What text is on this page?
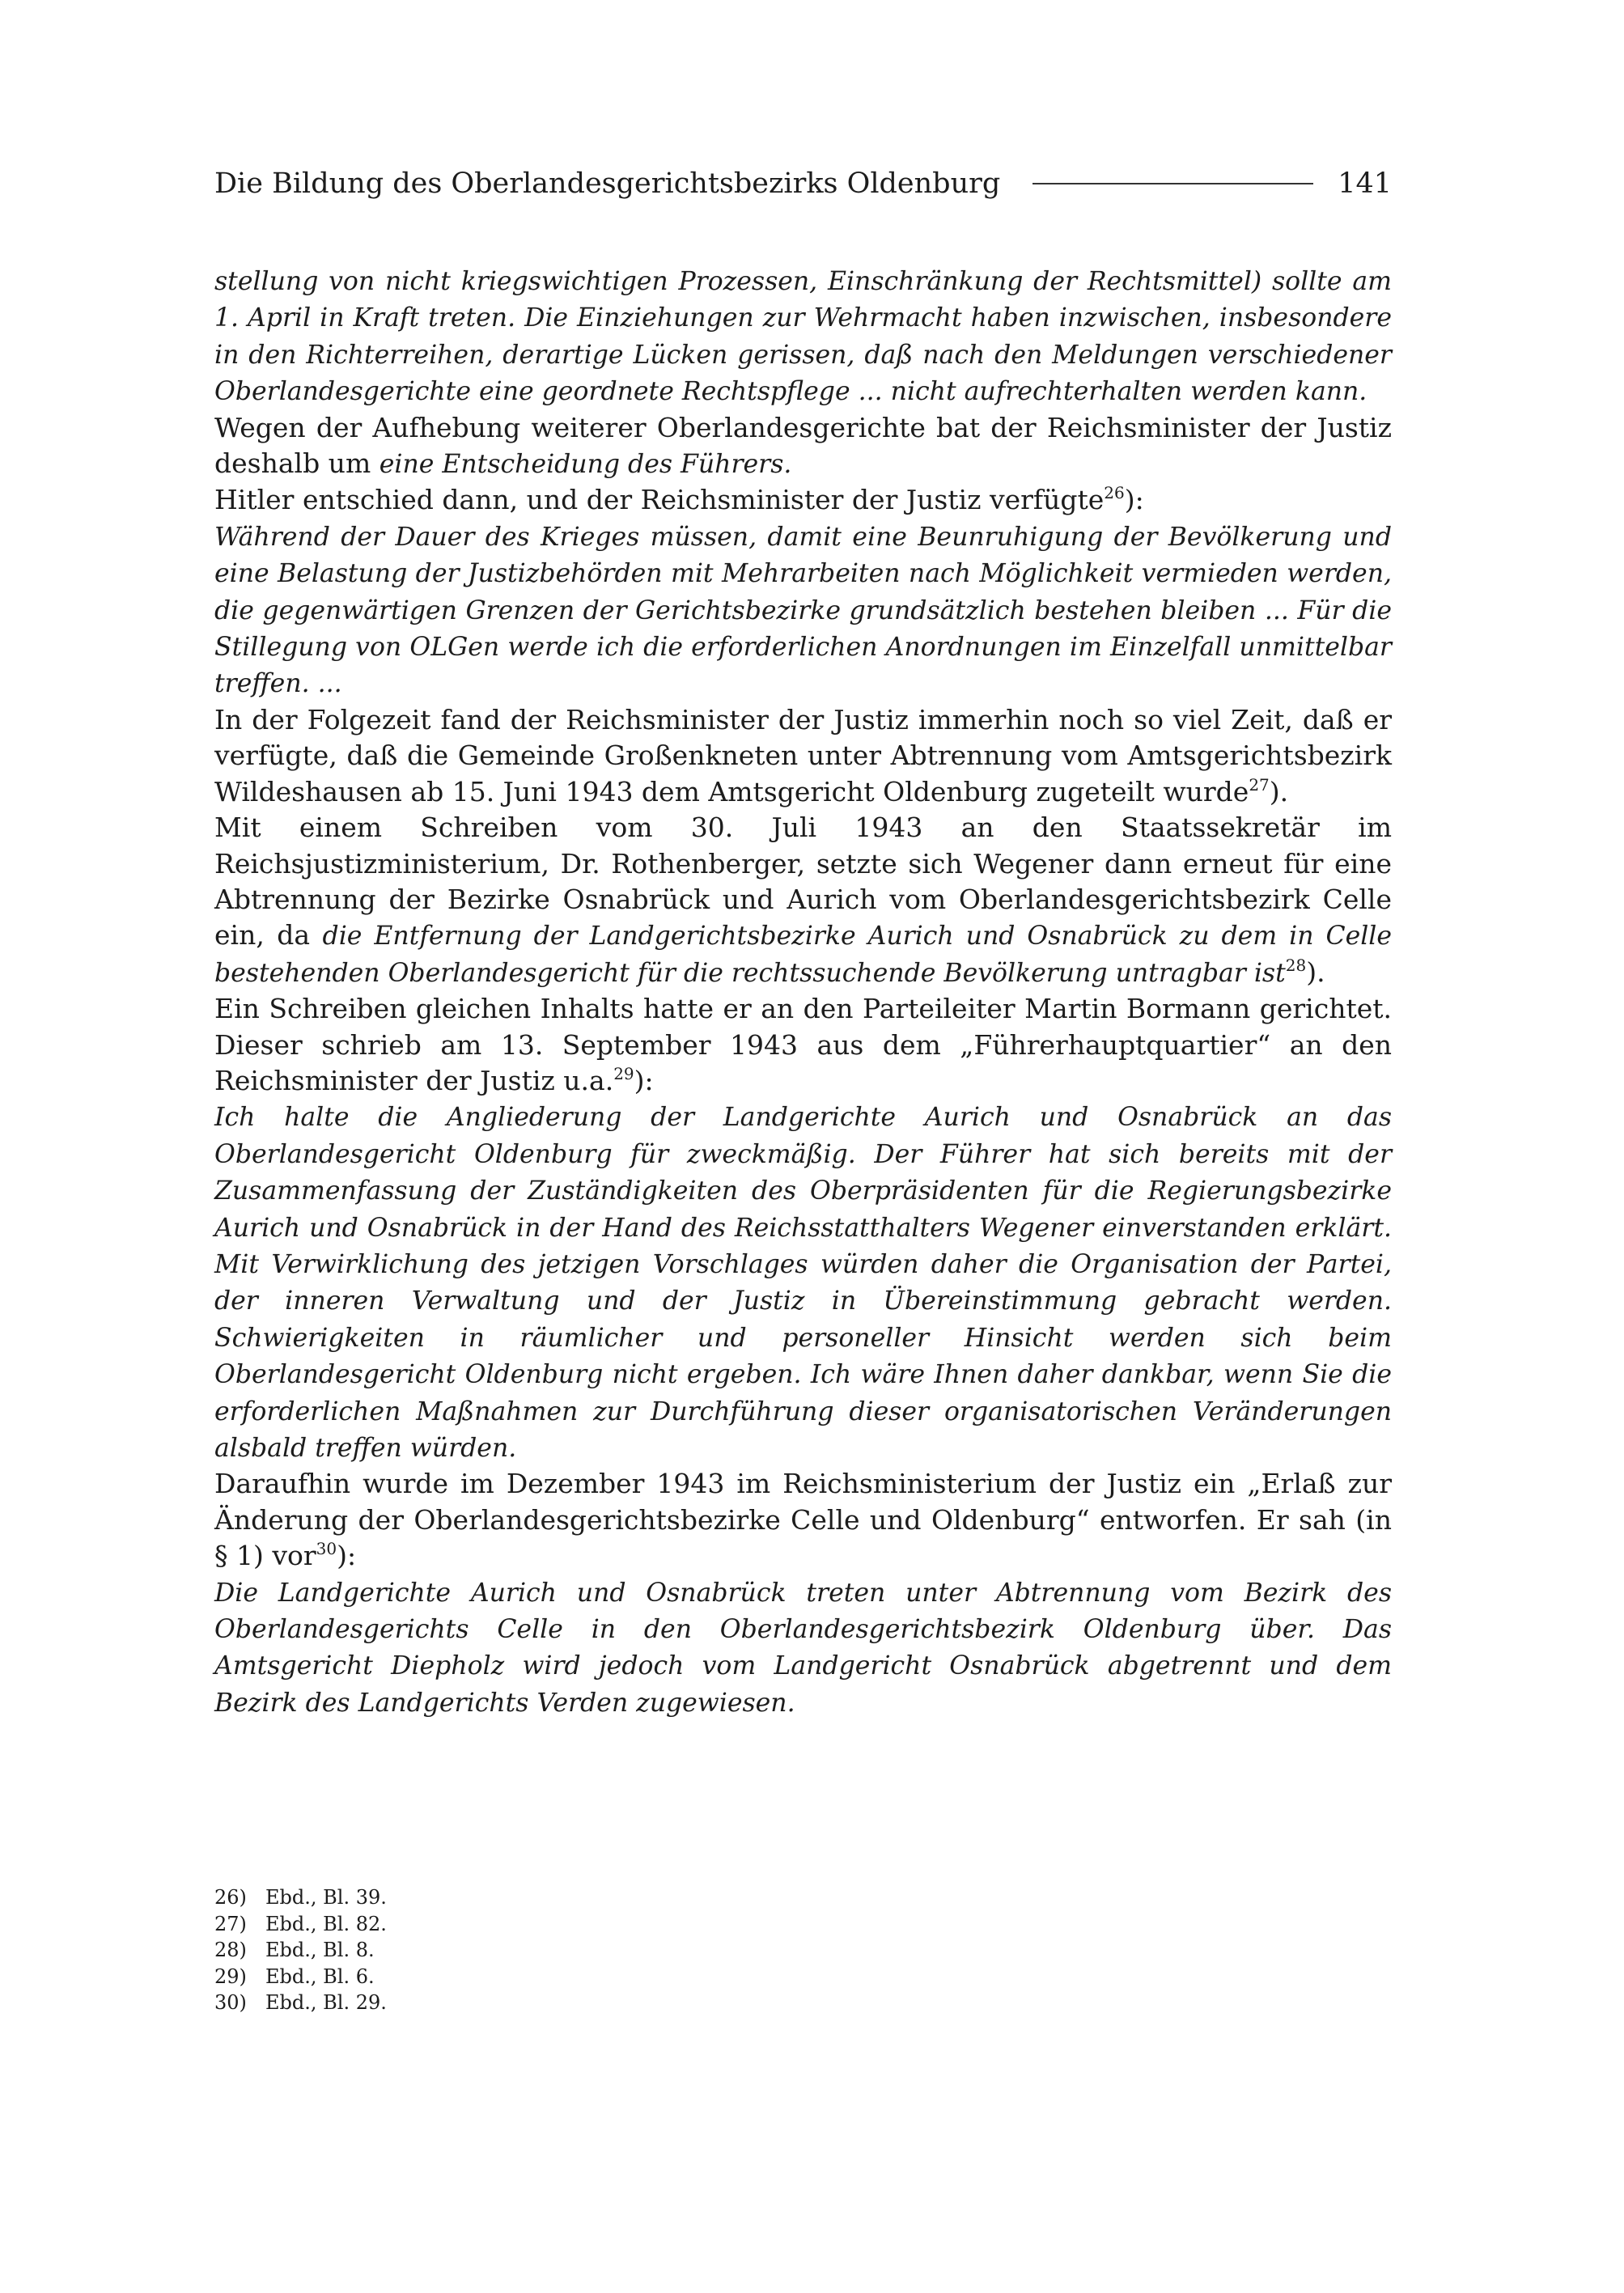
Die Bildung des Oberlandesgerichtsbezirks Oldenburg	141

stellung von nicht kriegswichtigen Prozessen, Einschränkung der Rechtsmittel) sollte am 1. April in Kraft treten. Die Einziehungen zur Wehrmacht haben inzwischen, insbesondere in den Richterreihen, derartige Lücken gerissen, daß nach den Meldungen verschiedener Oberlandesgerichte eine geordnete Rechtspflege ... nicht aufrechterhalten werden kann.

Wegen der Aufhebung weiterer Oberlandesgerichte bat der Reichsminister der Justiz deshalb um eine Entscheidung des Führers.

Hitler entschied dann, und der Reichsminister der Justiz verfügte$^{26}$):

Während der Dauer des Krieges müssen, damit eine Beunruhigung der Bevölkerung und eine Belastung der Justizbehörden mit Mehrarbeiten nach Möglichkeit vermieden werden, die gegenwärtigen Grenzen der Gerichtsbezirke grundsätzlich bestehen bleiben ... Für die Stillegung von OLGen werde ich die erforderlichen Anordnungen im Einzelfall unmittelbar treffen. ...

In der Folgezeit fand der Reichsminister der Justiz immerhin noch so viel Zeit, daß er verfügte, daß die Gemeinde Großenkneten unter Abtrennung vom Amtsgerichtsbezirk Wildeshausen ab 15. Juni 1943 dem Amtsgericht Oldenburg zugeteilt wurde$^{27}$).

Mit einem Schreiben vom 30. Juli 1943 an den Staatssekretär im Reichsjustizministerium, Dr. Rothenberger, setzte sich Wegener dann erneut für eine Abtrennung der Bezirke Osnabrück und Aurich vom Oberlandesgerichtsbezirk Celle ein, da die Entfernung der Landgerichtsbezirke Aurich und Osnabrück zu dem in Celle bestehenden Oberlandesgericht für die rechtssuchende Bevölkerung untragbar ist$^{28}$).

Ein Schreiben gleichen Inhalts hatte er an den Parteileiter Martin Bormann gerichtet. Dieser schrieb am 13. September 1943 aus dem „Führerhauptquartier“ an den Reichsminister der Justiz u.a.$^{29}$):

Ich halte die Angliederung der Landgerichte Aurich und Osnabrück an das Oberlandesgericht Oldenburg für zweckmäßig. Der Führer hat sich bereits mit der Zusammenfassung der Zuständigkeiten des Oberpräsidenten für die Regierungsbezirke Aurich und Osnabrück in der Hand des Reichsstatthalters Wegener einverstanden erklärt. Mit Verwirklichung des jetzigen Vorschlages würden daher die Organisation der Partei, der inneren Verwaltung und der Justiz in Übereinstimmung gebracht werden. Schwierigkeiten in räumlicher und personeller Hinsicht werden sich beim Oberlandesgericht Oldenburg nicht ergeben. Ich wäre Ihnen daher dankbar, wenn Sie die erforderlichen Maßnahmen zur Durchführung dieser organisatorischen Veränderungen alsbald treffen würden.

Daraufhin wurde im Dezember 1943 im Reichsministerium der Justiz ein „Erlaß zur Änderung der Oberlandesgerichtsbezirke Celle und Oldenburg“ entworfen. Er sah (in § 1) vor$^{30}$):

Die Landgerichte Aurich und Osnabrück treten unter Abtrennung vom Bezirk des Oberlandesgerichts Celle in den Oberlandesgerichtsbezirk Oldenburg über. Das Amtsgericht Diepholz wird jedoch vom Landgericht Osnabrück abgetrennt und dem Bezirk des Landgerichts Verden zugewiesen.

26) Ebd., Bl. 39.
27) Ebd., Bl. 82.
28) Ebd., Bl. 8.
29) Ebd., Bl. 6.
30) Ebd., Bl. 29.
